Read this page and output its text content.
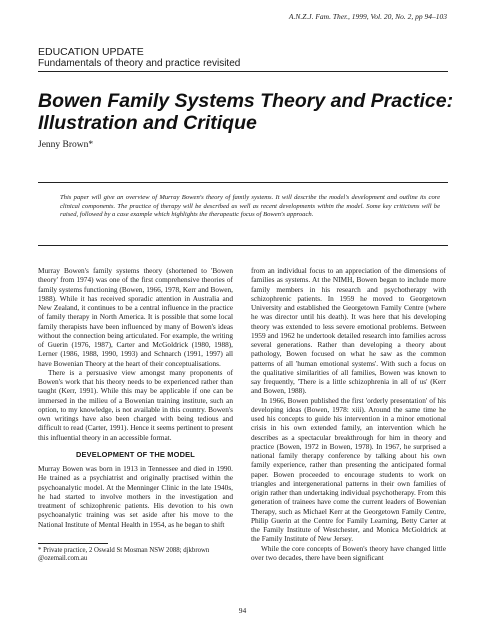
A.N.Z.J. Fam. Ther., 1999, Vol. 20, No. 2, pp 94–103
EDUCATION UPDATE
Fundamentals of theory and practice revisited
Bowen Family Systems Theory and Practice: Illustration and Critique
Jenny Brown*
This paper will give an overview of Murray Bowen's theory of family systems. It will describe the model's development and outline its core clinical components. The practice of therapy will be described as well as recent developments within the model. Some key criticisms will be raised, followed by a case example which highlights the therapeutic focus of Bowen's approach.

Murray Bowen's family systems theory (shortened to 'Bowen theory' from 1974) was one of the first comprehensive theories of family systems functioning (Bowen, 1966, 1978, Kerr and Bowen, 1988). While it has received sporadic attention in Australia and New Zealand, it continues to be a central influence in the practice of family therapy in North America. It is possible that some local family therapists have been influenced by many of Bowen's ideas without the connection being articulated. For example, the writing of Guerin (1976, 1987), Carter and McGoldrick (1980, 1988), Lerner (1986, 1988, 1990, 1993) and Schnarch (1991, 1997) all have Bowenian Theory at the heart of their conceptualisations.

There is a persuasive view amongst many proponents of Bowen's work that his theory needs to be experienced rather than taught (Kerr, 1991). While this may be applicable if one can be immersed in the milieu of a Bowenian training institute, such an option, to my knowledge, is not available in this country. Bowen's own writings have also been charged with being tedious and difficult to read (Carter, 1991). Hence it seems pertinent to present this influential theory in an accessible format.

DEVELOPMENT OF THE MODEL

Murray Bowen was born in 1913 in Tennessee and died in 1990. He trained as a psychiatrist and originally practised within the psychoanalytic model. At the Menninger Clinic in the late 1940s, he had started to involve mothers in the investigation and treatment of schizophrenic patients. His devotion to his own psychoanalytic training was set aside after his move to the National Institute of Mental Health in 1954, as he began to shift

from an individual focus to an appreciation of the dimensions of families as systems. At the NIMH, Bowen began to include more family members in his research and psychotherapy with schizophrenic patients. In 1959 he moved to Georgetown University and established the Georgetown Family Centre (where he was director until his death). It was here that his developing theory was extended to less severe emotional problems. Between 1959 and 1962 he undertook detailed research into families across several generations. Rather than developing a theory about pathology, Bowen focused on what he saw as the common patterns of all 'human emotional systems'. With such a focus on the qualitative similarities of all families, Bowen was known to say frequently, 'There is a little schizophrenia in all of us' (Kerr and Bowen, 1988).

In 1966, Bowen published the first 'orderly presentation' of his developing ideas (Bowen, 1978: xiii). Around the same time he used his concepts to guide his intervention in a minor emotional crisis in his own extended family, an intervention which he describes as a spectacular breakthrough for him in theory and practice (Bowen, 1972 in Bowen, 1978). In 1967, he surprised a national family therapy conference by talking about his own family experience, rather than presenting the anticipated formal paper. Bowen proceeded to encourage students to work on triangles and intergenerational patterns in their own families of origin rather than undertaking individual psychotherapy. From this generation of trainees have come the current leaders of Bowenian Therapy, such as Michael Kerr at the Georgetown Family Centre, Philip Guerin at the Centre for Family Learning, Betty Carter at the Family Institute of Westchester, and Monica McGoldrick at the Family Institute of New Jersey.

While the core concepts of Bowen's theory have changed little over two decades, there have been significant

* Private practice, 2 Oswald St Mosman NSW 2088; djkbrown @ozemail.com.au
94
